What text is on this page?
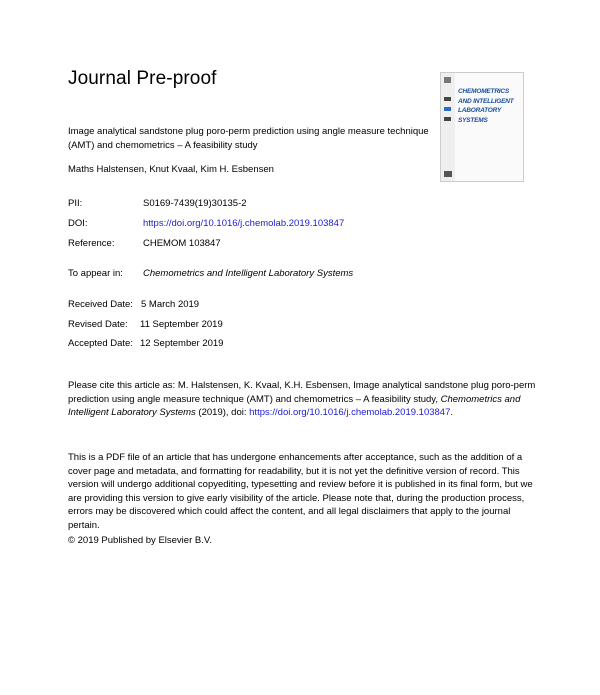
Journal Pre-proof
Image analytical sandstone plug poro-perm prediction using angle measure technique (AMT) and chemometrics – A feasibility study
Maths Halstensen, Knut Kvaal, Kim H. Esbensen
CHEMOMETRICS
AND INTELLIGENT
LABORATORY
SYSTEMS
PII:	S0169-7439(19)30135-2
DOI:	https://doi.org/10.1016/j.chemolab.2019.103847
Reference:	CHEMOM 103847
To appear in: Chemometrics and Intelligent Laboratory Systems
Received Date: 5 March 2019
Revised Date: 11 September 2019
Accepted Date: 12 September 2019
Please cite this article as: M. Halstensen, K. Kvaal, K.H. Esbensen, Image analytical sandstone plug poro-perm prediction using angle measure technique (AMT) and chemometrics – A feasibility study, Chemometrics and Intelligent Laboratory Systems (2019), doi: https://doi.org/10.1016/j.chemolab.2019.103847.
This is a PDF file of an article that has undergone enhancements after acceptance, such as the addition of a cover page and metadata, and formatting for readability, but it is not yet the definitive version of record. This version will undergo additional copyediting, typesetting and review before it is published in its final form, but we are providing this version to give early visibility of the article. Please note that, during the production process, errors may be discovered which could affect the content, and all legal disclaimers that apply to the journal pertain.
© 2019 Published by Elsevier B.V.
